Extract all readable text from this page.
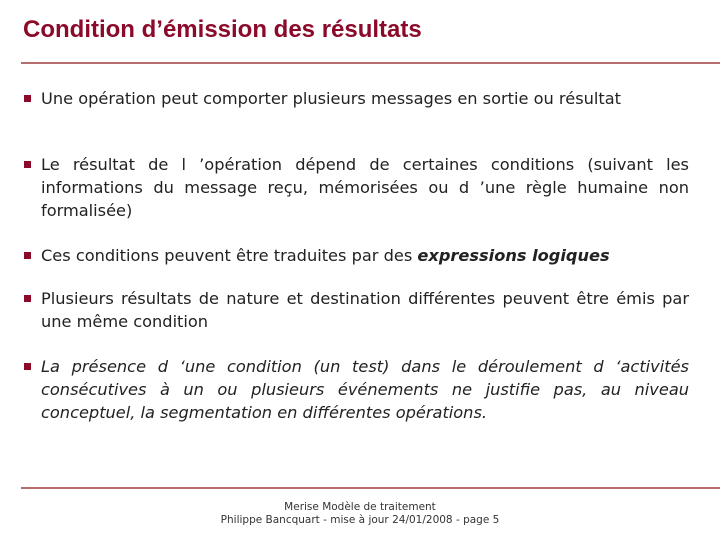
Condition d’émission des résultats
Une opération peut comporter plusieurs messages en sortie ou résultat
Le résultat de l ’opération dépend de certaines conditions (suivant les informations du message reçu, mémorisées ou d ’une règle humaine non formalisée)
Ces conditions peuvent être traduites par des expressions logiques
Plusieurs résultats de nature et destination différentes peuvent être émis par une même condition
La présence d ‘une condition (un test) dans le déroulement d ‘activités consécutives à un ou plusieurs événements ne justifie pas, au niveau conceptuel, la segmentation en différentes opérations.
Merise Modèle de traitement
Philippe Bancquart - mise à jour 24/01/2008 - page 5
